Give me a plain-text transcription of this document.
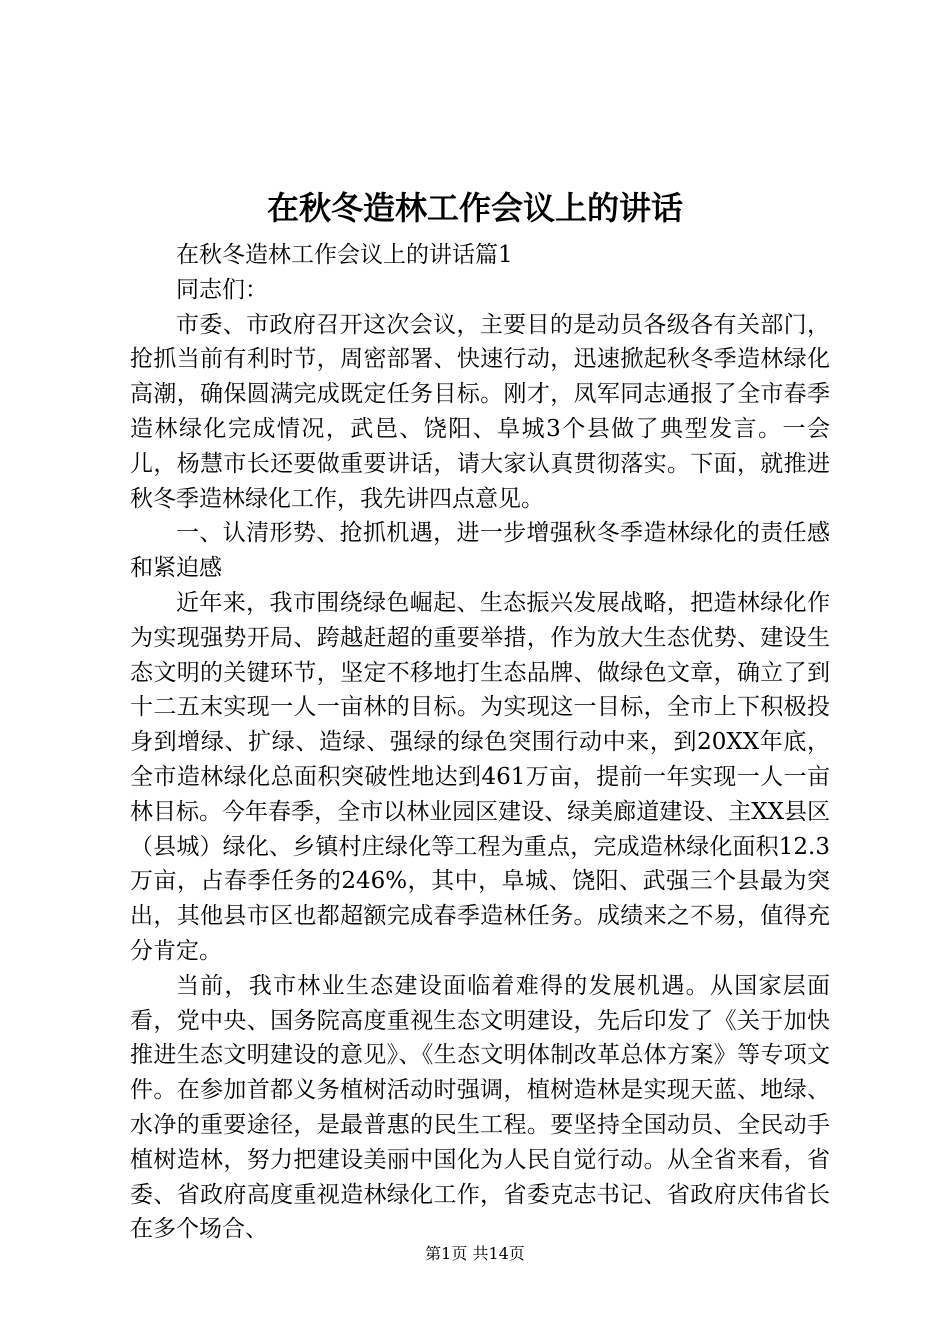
在秋冬造林工作会议上的讲话

在秋冬造林工作会议上的讲话篇1

同志们：

市委、市政府召开这次会议，主要目的是动员各级各有关部门，抢抓当前有利时节，周密部署、快速行动，迅速掀起秋冬季造林绿化高潮，确保圆满完成既定任务目标。刚才，凤军同志通报了全市春季造林绿化完成情况，武邑、饶阳、阜城3个县做了典型发言。一会儿，杨慧市长还要做重要讲话，请大家认真贯彻落实。下面，就推进秋冬季造林绿化工作，我先讲四点意见。

一、认清形势、抢抓机遇，进一步增强秋冬季造林绿化的责任感和紧迫感

近年来，我市围绕绿色崛起、生态振兴发展战略，把造林绿化作为实现强势开局、跨越赶超的重要举措，作为放大生态优势、建设生态文明的关键环节，坚定不移地打生态品牌、做绿色文章，确立了到十二五末实现一人一亩林的目标。为实现这一目标，全市上下积极投身到增绿、扩绿、造绿、强绿的绿色突围行动中来，到20XX年底，全市造林绿化总面积突破性地达到461万亩，提前一年实现一人一亩林目标。今年春季，全市以林业园区建设、绿美廊道建设、主XX县区（县城）绿化、乡镇村庄绿化等工程为重点，完成造林绿化面积12.3万亩，占春季任务的246%，其中，阜城、饶阳、武强三个县最为突出，其他县市区也都超额完成春季造林任务。成绩来之不易，值得充分肯定。

当前，我市林业生态建设面临着难得的发展机遇。从国家层面看，党中央、国务院高度重视生态文明建设，先后印发了《关于加快推进生态文明建设的意见》、《生态文明体制改革总体方案》等专项文件。在参加首都义务植树活动时强调，植树造林是实现天蓝、地绿、水净的重要途径，是最普惠的民生工程。要坚持全国动员、全民动手植树造林，努力把建设美丽中国化为人民自觉行动。从全省来看，省委、省政府高度重视造林绿化工作，省委克志书记、省政府庆伟省长在多个场合、

第1页 共14页
